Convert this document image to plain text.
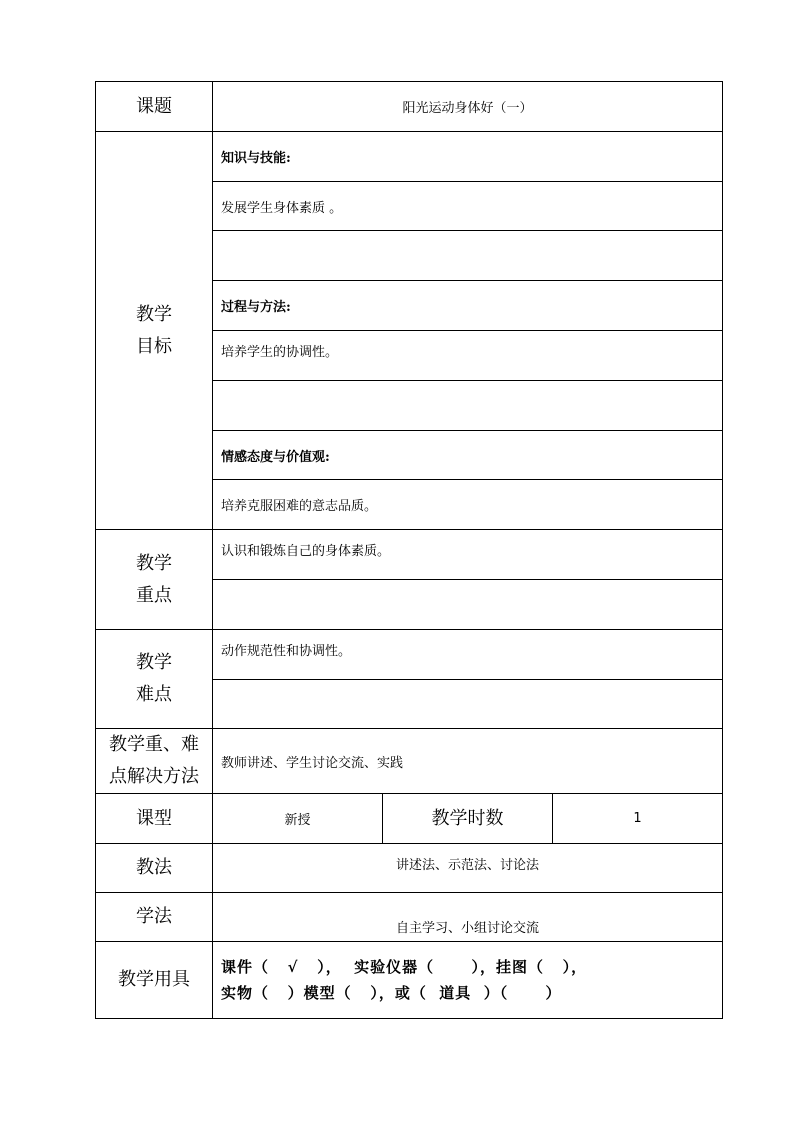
课题	阳光运动身体好（一）		

教学
目标	知识与技能:		
	发展学生身体素质 。		

	过程与方法:		
	培养学生的协调性。		

	情感态度与价值观:		
	培养克服困难的意志品质。		

教学
重点	认识和锻炼自己的身体素质。		

教学
难点	动作规范性和协调性。		

教学重、难
点解决方法	教师讲述、学生讨论交流、实践		
课型	新授	教学时数	1
教法	讲述法、示范法、讨论法		
学法	自主学习、小组讨论交流		
教学用具	课件（   √   ），  实验仪器（      ），挂图（   ），
实物（   ）模型（   ），或（  道具  ）（      ）		
